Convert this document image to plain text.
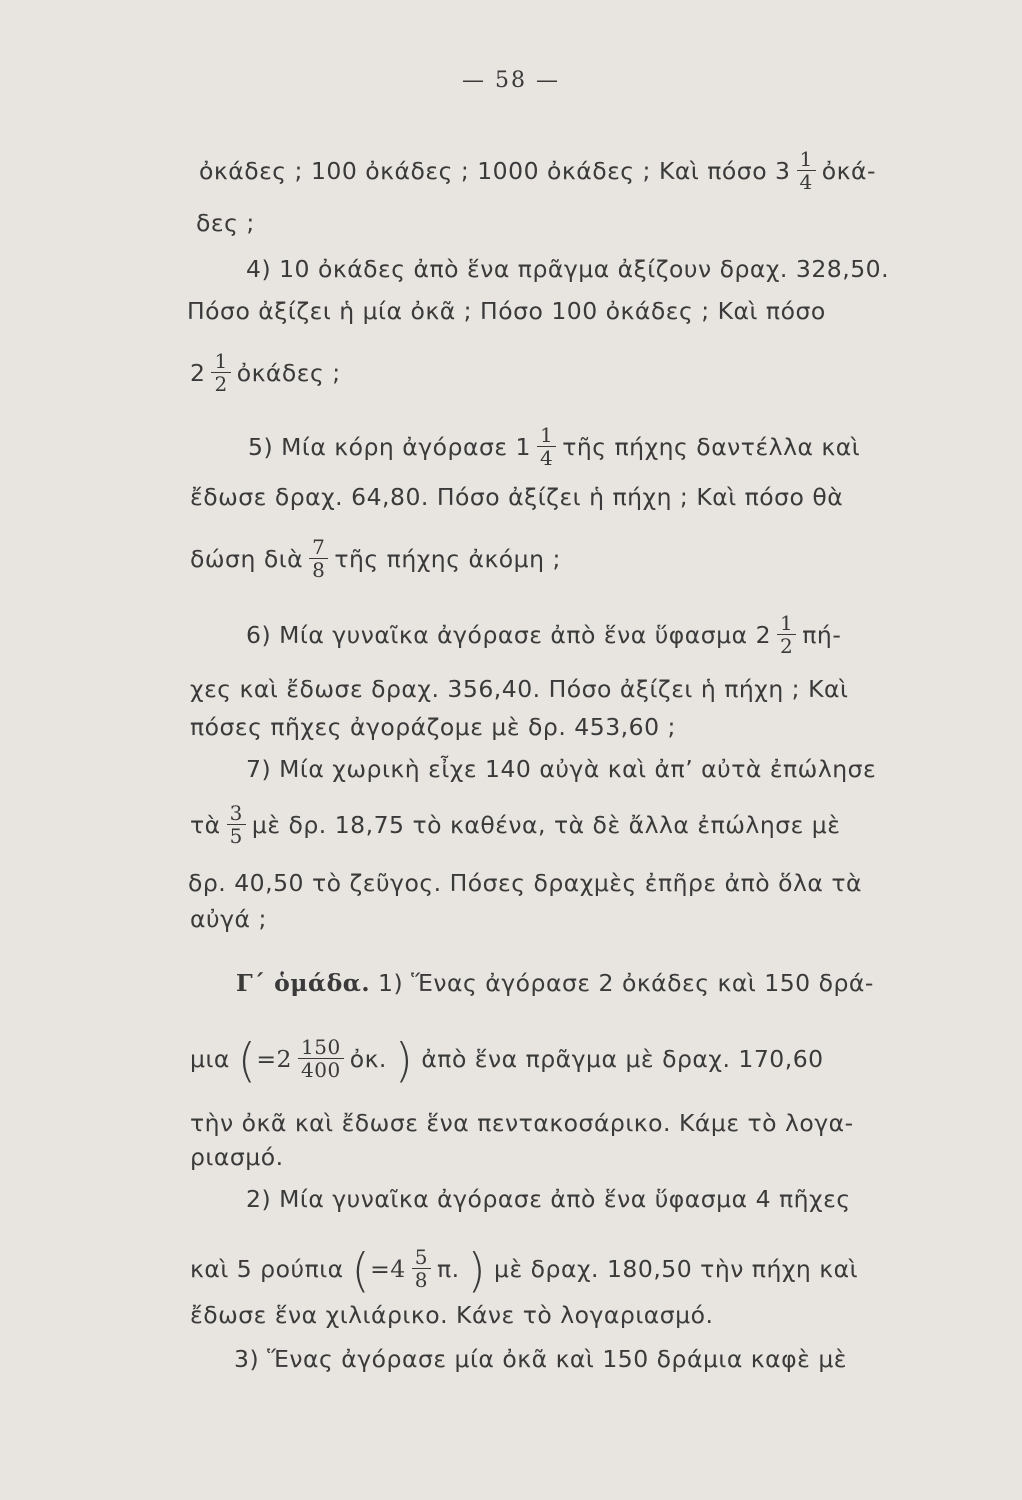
— 58 —
ὀκάδες ; 100 ὀκάδες ; 1000 ὀκάδες ; Καὶ πόσο $3 \frac{1}{4}$ ὀκά-
δες ;
4) 10 ὀκάδες ἀπὸ ἕνα πρᾶγμα ἀξίζουν δραχ. 328,50.
Πόσο ἀξίζει ἡ μία ὀκᾶ ; Πόσο 100 ὀκάδες ; Καὶ πόσο
$2 \frac{1}{2}$ ὀκάδες ;
5) Μία κόρη ἀγόρασε $1 \frac{1}{4}$ τῆς πήχης δαντέλλα καὶ
ἔδωσε δραχ. 64,80. Πόσο ἀξίζει ἡ πήχη ; Καὶ πόσο θὰ
δώση διὰ $\frac{7}{8}$ τῆς πήχης ἀκόμη ;
6) Μία γυναῖκα ἀγόρασε ἀπὸ ἕνα ὕφασμα $2 \frac{1}{2} \pi ή-$
χες καὶ ἔδωσε δραχ. 356,40. Πόσο ἀξίζει ἡ πήχη ; Καὶ
πόσες πῆχες ἀγοράζομε μὲ δρ. 453,60 ;
7) Μία χωρικὴ εἶχε 140 αὐγὰ καὶ ἀπ’ αὐτὰ ἐπώλησε
τὰ $\frac{3}{5}$ μὲ δρ. 18,75 τὸ καθένα, τὰ δὲ ἄλλα ἐπώλησε μὲ
δρ. 40,50 τὸ ζεῦγος. Πόσες δραχμὲς ἐπῆρε ἀπὸ ὅλα τὰ
αὐγά ;
Γ΄ ὁμάδα. 1) Ἕνας ἀγόρασε 2 ὀκάδες καὶ 150 δρά-
μια ($=2 \frac{150}{400}$ ὀκ. ) ἀπὸ ἕνα πρᾶγμα μὲ δραχ. 170,60
τὴν ὀκᾶ καὶ ἔδωσε ἕνα πεντακοσάρικο. Κάμε τὸ λογα-
ριασμό.
2) Μία γυναῖκα ἀγόρασε ἀπὸ ἕνα ὕφασμα 4 πῆχες
καὶ 5 ρούπια ($=4 \frac{5}{8} \pi$. ) μὲ δραχ. 180,50 τὴν πήχη καὶ
ἔδωσε ἕνα χιλιάρικο. Κάνε τὸ λογαριασμό.
3) Ἕνας ἀγόρασε μία ὀκᾶ καὶ 150 δράμια καφὲ μὲ
